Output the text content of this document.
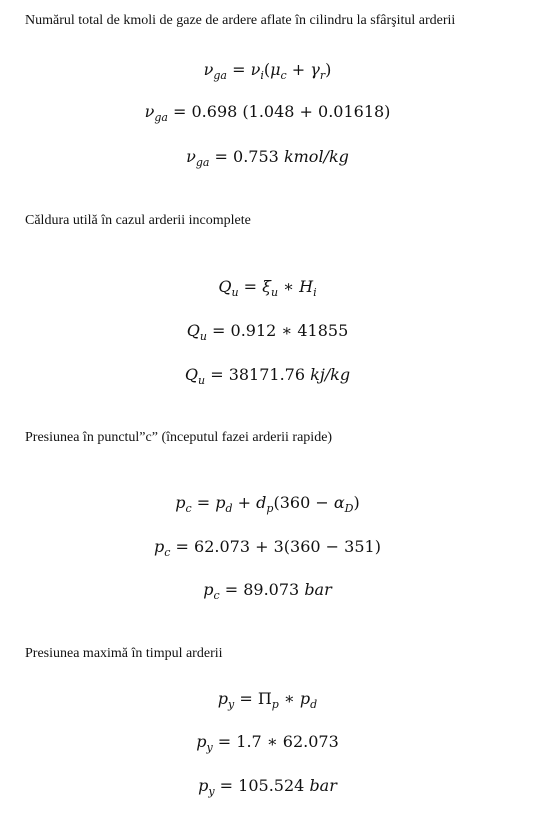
Numărul total de kmoli de gaze de ardere aflate în cilindru la sfârşitul arderii
$\nu_{ga} = \nu_i(\mu_c + \gamma_r)$
$\nu_{ga} = 0.698$ (1.048 + 0.01618)
$\nu_{ga} = 0.753$ kmol/kg
Căldura utilă în cazul arderii incomplete
$Q_u = \xi_u$ ∗ $H_i$
$Q_u = 0.912$ ∗ 41855
$Q_u = 38171.76$ kj/kg
Presiunea în punctul”c” (începutul fazei arderii rapide)
$p_c = p_d + d_p(360 - \alpha_D)$
$p_c = 62.073 + 3(360 - 351)$
$p_c = 89.073$ bar
Presiunea maximă în timpul arderii
$p_y = \Pi_p$ ∗ $p_d$
$p_y = 1.7$ ∗ 62.073
$p_y = 105.524$ bar
